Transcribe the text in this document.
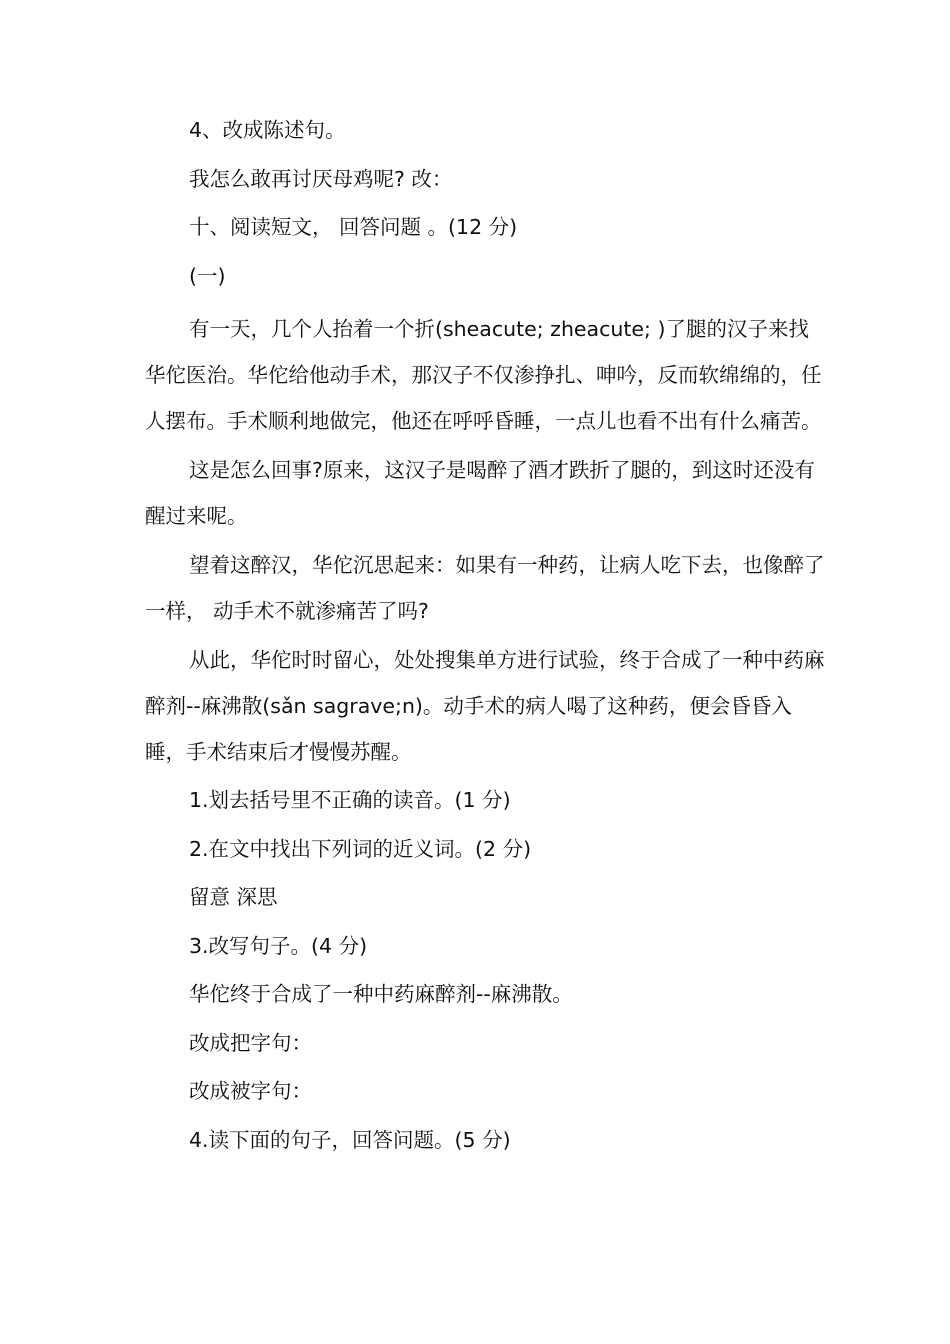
4、改成陈述句。
我怎么敢再讨厌母鸡呢? 改：
十、阅读短文， 回答问题 。(12 分)
(一)
有一天，几个人抬着一个折(sheacute; zheacute; )了腿的汉子来找华佗医治。华佗给他动手术，那汉子不仅渗挣扎、呻吟，反而软绵绵的，任人摆布。手术顺利地做完，他还在呼呼昏睡，一点儿也看不出有什么痛苦。
这是怎么回事?原来，这汉子是喝醉了酒才跌折了腿的，到这时还没有醒过来呢。
望着这醉汉，华佗沉思起来：如果有一种药，让病人吃下去，也像醉了一样， 动手术不就渗痛苦了吗?
从此，华佗时时留心，处处搜集单方进行试验，终于合成了一种中药麻醉剂--麻沸散(sǎn sagrave;n)。动手术的病人喝了这种药，便会昏昏入睡，手术结束后才慢慢苏醒。
1.划去括号里不正确的读音。(1 分)
2.在文中找出下列词的近义词。(2 分)
留意 深思
3.改写句子。(4 分)
华佗终于合成了一种中药麻醉剂--麻沸散。
改成把字句：
改成被字句：
4.读下面的句子，回答问题。(5 分)
